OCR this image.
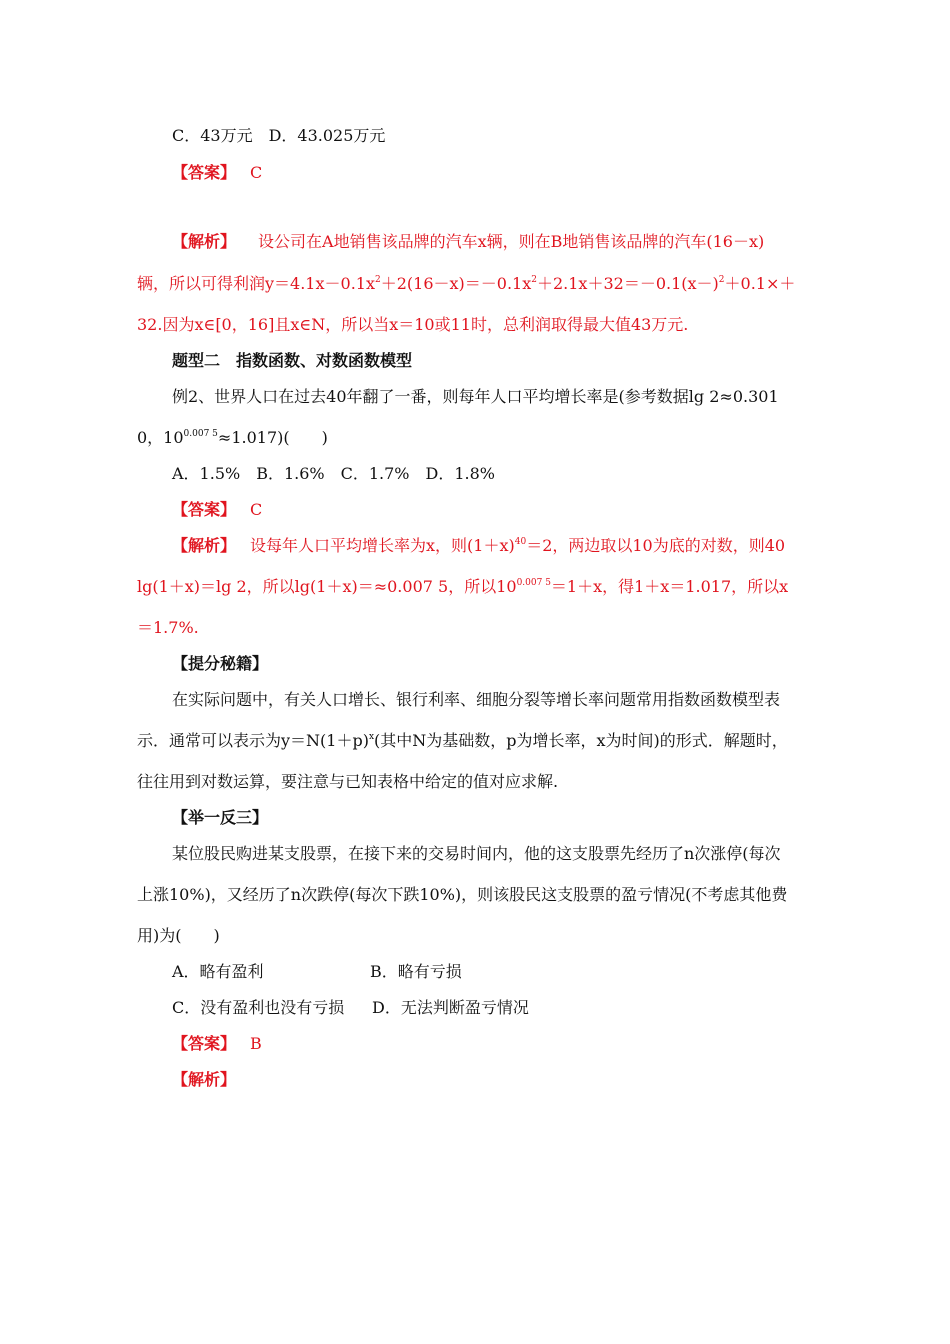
C．43万元　D．43.025万元
【答案】 C
【解析】 设公司在A地销售该品牌的汽车x辆，则在B地销售该品牌的汽车(16－x)
辆，所以可得利润$y=4.1x-0.1x^2+2(16-x)=-0.1x^2+2.1x+32=-0.1(x-)^2+0.1\times+$
32.因为x∈[0，16]且x∈N，所以当x＝10或11时，总利润取得最大值43万元.
题型二　指数函数、对数函数模型
例2、世界人口在过去40年翻了一番，则每年人口平均增长率是(参考数据lg 2≈0.301
0，$10^{0.007 5}\approx 1.017$)(　　)
A．1.5%　B．1.6%　C．1.7%　D．1.8%
【答案】 C
【解析】 设每年人口平均增长率为x，则$(1+x)^{40}=2$，两边取以10为底的对数，则40
lg(1＋x)＝lg 2，所以lg(1＋x)＝≈0.007 5，所以$10^{0.007 5}=1+x$，得1＋x＝1.017，所以x
＝1.7%.
【提分秘籍】
在实际问题中，有关人口增长、银行利率、细胞分裂等增长率问题常用指数函数模型表
示．通常可以表示为$y=N(1+p)^x$(其中N为基础数，p为增长率，x为时间)的形式．解题时，
往往用到对数运算，要注意与已知表格中给定的值对应求解.
【举一反三】
某位股民购进某支股票，在接下来的交易时间内，他的这支股票先经历了n次涨停(每次
上涨10%)，又经历了n次跌停(每次下跌10%)，则该股民这支股票的盈亏情况(不考虑其他费
用)为(　　)
A．略有盈利	B．略有亏损
C．没有盈利也没有亏损 D．无法判断盈亏情况
【答案】 B
【解析】
